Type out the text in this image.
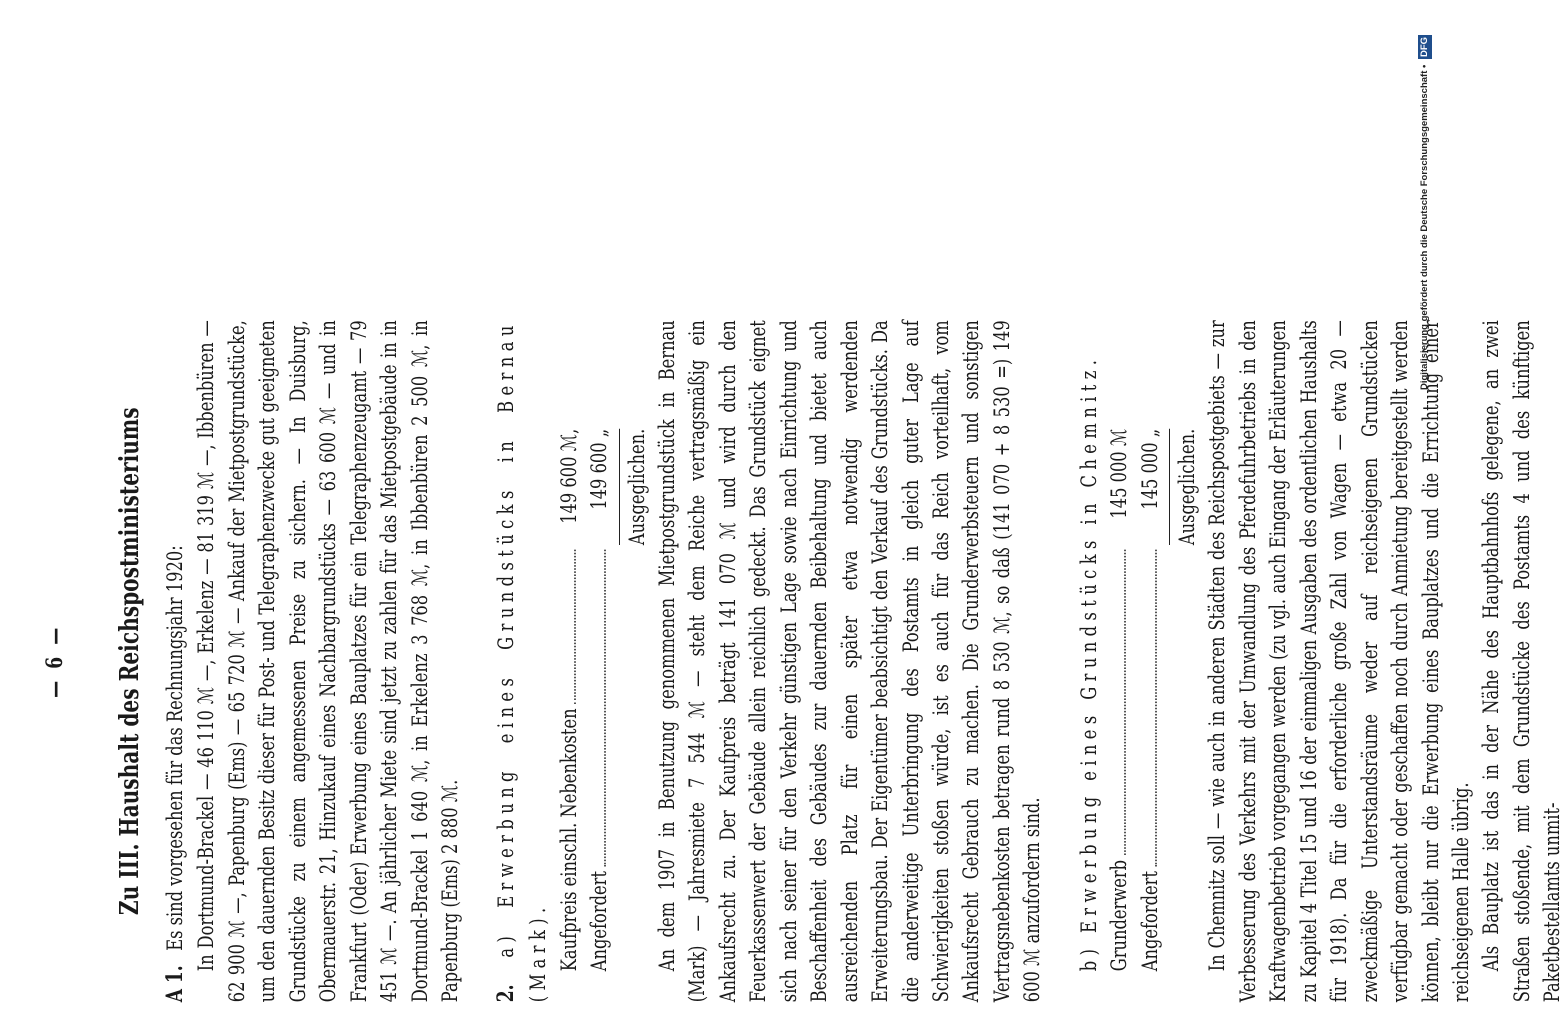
— 6 — Zu III. Haushalt des Reichspostministeriums

A 1. Es sind vorgesehen für das Rechnungsjahr 1920: In Dortmund-Brackel — 46 110 ℳ —, Erkelenz — 81 319 ℳ —, Ibbenbüren — 62 900 ℳ —, Papenburg (Ems) — 65 720 ℳ — Ankauf der Mietpostgrundstücke, um den dauernden Besitz dieser für Post- und Telegraphenzwecke gut geeigneten Grundstücke zu einem angemessenen Preise zu sichern. — In Duisburg, Obermauerstr. 21, Hinzukauf eines Nachbargrundstücks — 63 600 ℳ — und in Frankfurt (Oder) Erwerbung eines Bauplatzes für ein Telegraphenzeugamt — 79 451 ℳ —. An jährlicher Miete sind jetzt zu zahlen für das Mietpostgebäude in in Dortmund-Brackel 1 640 ℳ, in Erkelenz 3 768 ℳ, in Ibbenbüren 2 500 ℳ, in Papenburg (Ems) 2 880 ℳ. 2. a) Erwerbung eines Grundstücks in Bernau (Mark). Kaufpreis einschl. Nebenkosten
149 600 ℳ,
Angefordert
149 600 „ Ausgeglichen. An dem 1907 in Benutzung genommenen Mietpostgrundstück in Bernau (Mark) — Jahresmiete 7 544 ℳ — steht dem Reiche vertragsmäßig ein Ankaufsrecht zu. Der Kaufpreis beträgt 141 070 ℳ und wird durch den Feuerkassenwert der Gebäude allein reichlich gedeckt. Das Grundstück eignet sich nach seiner für den Verkehr günstigen Lage sowie nach Einrichtung und Beschaffenheit des Gebäudes zur dauernden Beibehaltung und bietet auch ausreichenden Platz für einen später etwa notwendig werdenden Erweiterungsbau. Der Eigentümer beabsichtigt den Verkauf des Grundstücks. Da die anderweitige Unterbringung des Postamts in gleich guter Lage auf Schwierigkeiten stoßen würde, ist es auch für das Reich vorteilhaft, vom Ankaufsrecht Gebrauch zu machen. Die Grunderwerbsteuern und sonstigen Vertragsnebenkosten betragen rund 8 530 ℳ, so daß (141 070 + 8 530 =) 149 600 ℳ anzufordern sind. b) Erwerbung eines Grundstücks in Chemnitz. Grunderwerb
145 000 ℳ
Angefordert
145 000 „ Ausgeglichen. In Chemnitz soll — wie auch in anderen Städten des Reichspostgebiets — zur Verbesserung des Verkehrs mit der Umwandlung des Pferdefuhrbetriebs in den Kraftwagenbetrieb vorgegangen werden (zu vgl. auch Eingang der Erläuterungen zu Kapitel 4 Titel 15 und 16 der einmaligen Ausgaben des ordentlichen Haushalts für 1918). Da für die erforderliche große Zahl von Wagen — etwa 20 — zweckmäßige Unterstandsräume weder auf reichseigenen Grundstücken verfügbar gemacht oder geschaffen noch durch Anmietung bereitgestellt werden können, bleibt nur die Erwerbung eines Bauplatzes und die Errichtung einer reichseigenen Halle übrig. Als Bauplatz ist das in der Nähe des Hauptbahnhofs gelegene, an zwei Straßen stoßende, mit dem Grundstücke des Postamts 4 und des künftigen Paketbestellamts unmit-

Digitalisierung gefördert durch die Deutsche Forschungsgemeinschaft • DFG
